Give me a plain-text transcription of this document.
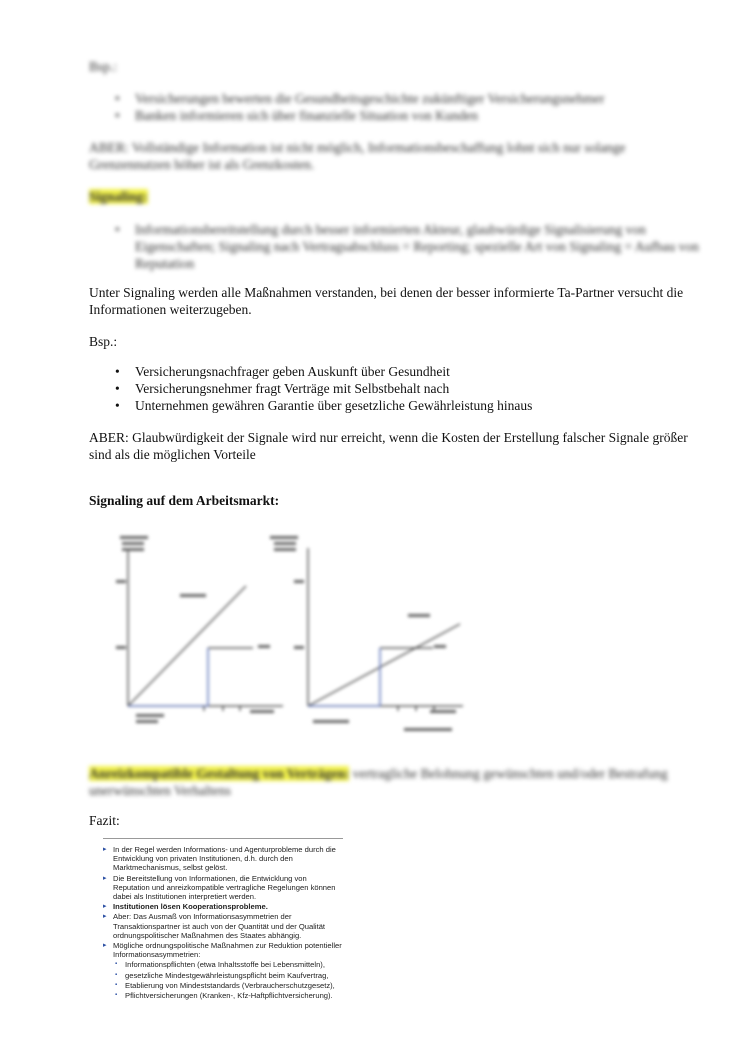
Bsp.:
• Versicherungen bewerten die Gesundheitsgeschichte zukünftiger Versicherungsnehmer
• Banken informieren sich über finanzielle Situation von Kunden
ABER: Vollständige Information ist nicht möglich, Informationsbeschaffung lohnt sich nur solange Grenzennutzen höher ist als Grenzkosten.
Signaling:
• Informationsbereitstellung durch besser informierten Akteur, glaubwürdige Signalisierung von Eigenschaften; Signaling nach Vertragsabschluss = Reporting; spezielle Art von Signaling = Aufbau von Reputation
Unter Signaling werden alle Maßnahmen verstanden, bei denen der besser informierte Ta-Partner versucht die Informationen weiterzugeben.
Bsp.:
• Versicherungsnachfrager geben Auskunft über Gesundheit
• Versicherungsnehmer fragt Verträge mit Selbstbehalt nach
• Unternehmen gewähren Garantie über gesetzliche Gewährleistung hinaus
ABER: Glaubwürdigkeit der Signale wird nur erreicht, wenn die Kosten der Erstellung falscher Signale größer sind als die möglichen Vorteile
Signaling auf dem Arbeitsmarkt:
Anreizkompatible Gestaltung von Verträgen: vertragliche Belohnung gewünschten und/oder Bestrafung unerwünschten Verhaltens
Fazit:
▸ In der Regel werden Informations- und Agenturprobleme durch die Entwicklung von privaten Institutionen, d.h. durch den Marktmechanismus, selbst gelöst.
▸ Die Bereitstellung von Informationen, die Entwicklung von Reputation und anreizkompatible vertragliche Regelungen können dabei als Institutionen interpretiert werden.
▸ Institutionen lösen Kooperationsprobleme.
▸ Aber: Das Ausmaß von Informationsasymmetrien der Transaktionspartner ist auch von der Quantität und der Qualität ordnungspolitischer Maßnahmen des Staates abhängig.
▸ Mögliche ordnungspolitische Maßnahmen zur Reduktion potentieller Informationsasymmetrien:
▪ Informationspflichten (etwa Inhaltsstoffe bei Lebensmitteln),
▪ gesetzliche Mindestgewährleistungspflicht beim Kaufvertrag,
▪ Etablierung von Mindeststandards (Verbraucherschutzgesetz),
▪ Pflichtversicherungen (Kranken-, Kfz-Haftpflichtversicherung).
